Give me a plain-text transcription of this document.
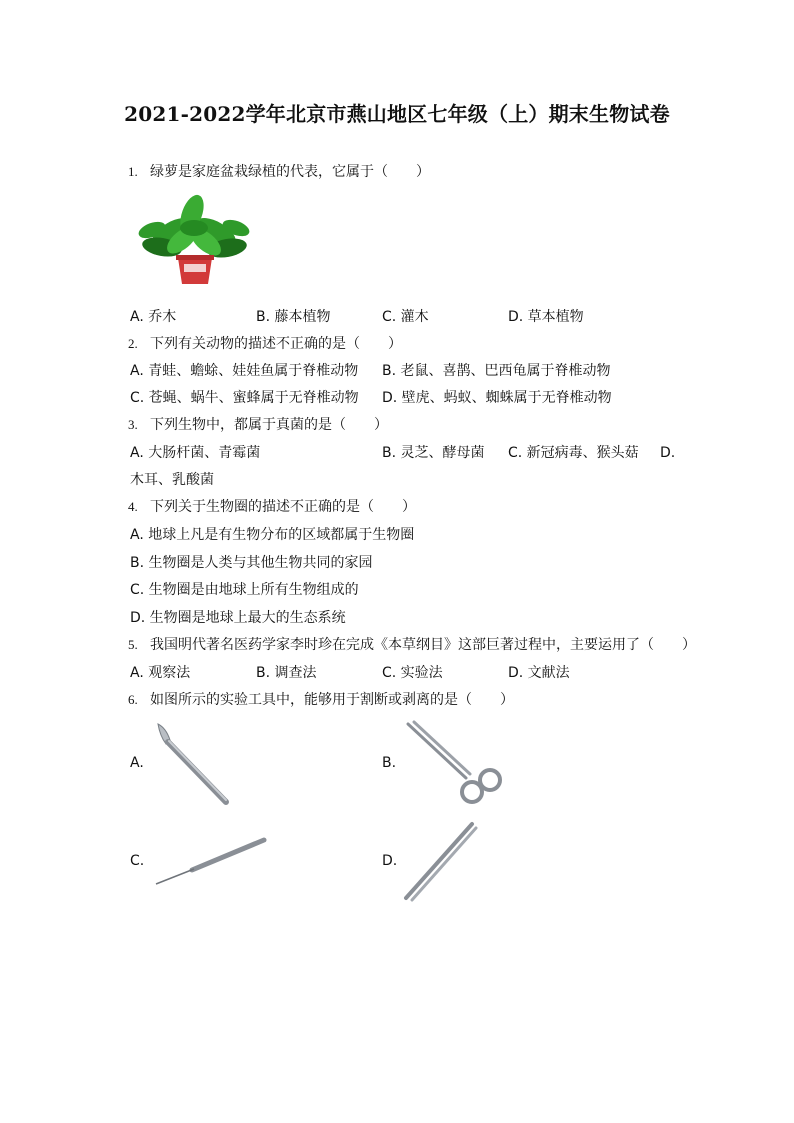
2021-2022学年北京市燕山地区七年级（上）期末生物试卷
1. 绿萝是家庭盆栽绿植的代表，它属于（　　）
A. 乔木	B. 藤本植物	C. 灌木	D. 草本植物
2. 下列有关动物的描述不正确的是（　　）
A. 青蛙、蟾蜍、娃娃鱼属于脊椎动物 B. 老鼠、喜鹊、巴西龟属于脊椎动物
C. 苍蝇、蜗牛、蜜蜂属于无脊椎动物 D. 壁虎、蚂蚁、蜘蛛属于无脊椎动物
3. 下列生物中，都属于真菌的是（　　）
A. 大肠杆菌、青霉菌	B. 灵芝、酵母菌 C. 新冠病毒、猴头菇 D.
木耳、乳酸菌
4. 下列关于生物圈的描述不正确的是（　　）
A. 地球上凡是有生物分布的区域都属于生物圈
B. 生物圈是人类与其他生物共同的家园
C. 生物圈是由地球上所有生物组成的
D. 生物圈是地球上最大的生态系统
5. 我国明代著名医药学家李时珍在完成《本草纲目》这部巨著过程中，主要运用了（　　）
A. 观察法	B. 调查法	C. 实验法	D. 文献法
6. 如图所示的实验工具中，能够用于割断或剥离的是（　　）
A.	B.
C.	D.
